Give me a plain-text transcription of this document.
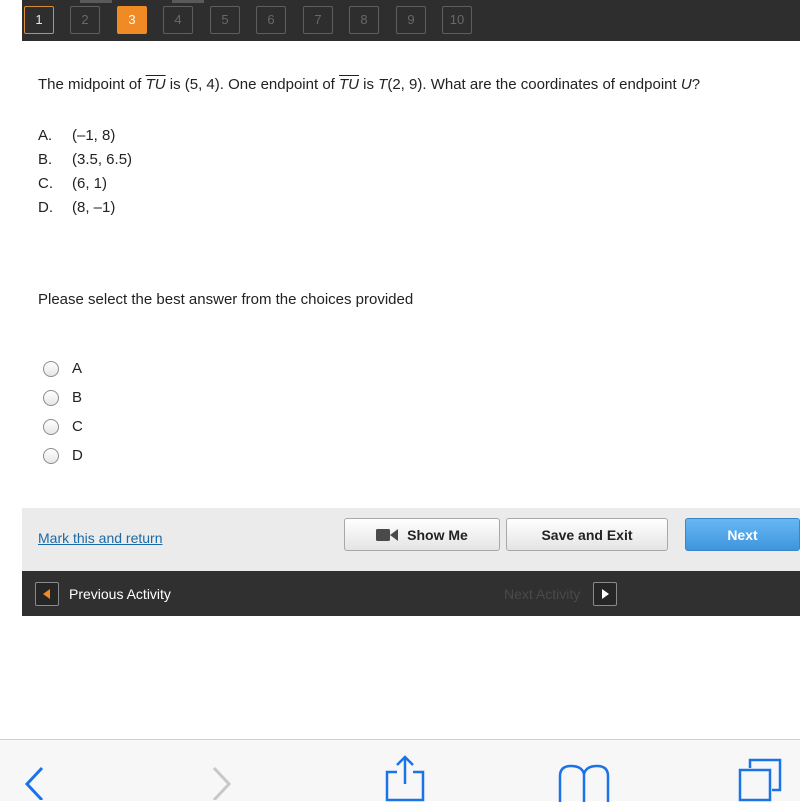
1	2	3	4	5	6	7	8	9	10
The midpoint of $\overline{TU}$ is (5, 4). One endpoint of $\overline{TU}$ is T(2, 9). What are the coordinates of endpoint U?
A. (–1, 8)
B. (3.5, 6.5)
C. (6, 1)
D. (8, –1)
Please select the best answer from the choices provided
A
B
C
D
Mark this and return	Show Me	Save and Exit	Next
Previous Activity	Next Activity
